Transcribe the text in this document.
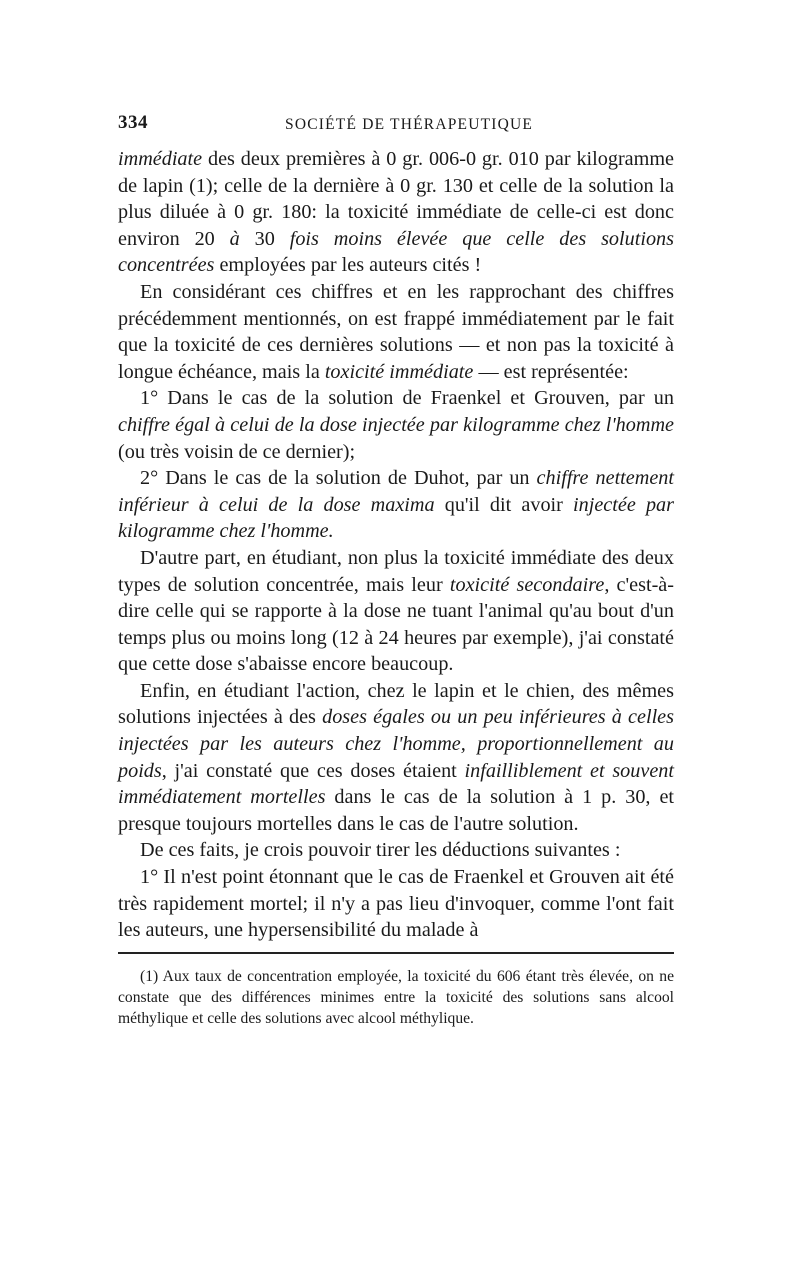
334	SOCIÉTÉ DE THÉRAPEUTIQUE

immédiate des deux premières à 0 gr. 006-0 gr. 010 par kilogramme de lapin (1); celle de la dernière à 0 gr. 130 et celle de la solution la plus diluée à 0 gr. 180: la toxicité immédiate de celle-ci est donc environ 20 à 30 fois moins élevée que celle des solutions concentrées employées par les auteurs cités !

En considérant ces chiffres et en les rapprochant des chiffres précédemment mentionnés, on est frappé immédiatement par le fait que la toxicité de ces dernières solutions — et non pas la toxicité à longue échéance, mais la toxicité immédiate — est représentée:

1° Dans le cas de la solution de Fraenkel et Grouven, par un chiffre égal à celui de la dose injectée par kilogramme chez l'homme (ou très voisin de ce dernier);

2° Dans le cas de la solution de Duhot, par un chiffre nettement inférieur à celui de la dose maxima qu'il dit avoir injectée par kilogramme chez l'homme.

D'autre part, en étudiant, non plus la toxicité immédiate des deux types de solution concentrée, mais leur toxicité secondaire, c'est-à-dire celle qui se rapporte à la dose ne tuant l'animal qu'au bout d'un temps plus ou moins long (12 à 24 heures par exemple), j'ai constaté que cette dose s'abaisse encore beaucoup.

Enfin, en étudiant l'action, chez le lapin et le chien, des mêmes solutions injectées à des doses égales ou un peu inférieures à celles injectées par les auteurs chez l'homme, proportionnellement au poids, j'ai constaté que ces doses étaient infailliblement et souvent immédiatement mortelles dans le cas de la solution à 1 p. 30, et presque toujours mortelles dans le cas de l'autre solution.

De ces faits, je crois pouvoir tirer les déductions suivantes :

1° Il n'est point étonnant que le cas de Fraenkel et Grouven ait été très rapidement mortel; il n'y a pas lieu d'invoquer, comme l'ont fait les auteurs, une hypersensibilité du malade à

(1) Aux taux de concentration employée, la toxicité du 606 étant très élevée, on ne constate que des différences minimes entre la toxicité des solutions sans alcool méthylique et celle des solutions avec alcool méthylique.
